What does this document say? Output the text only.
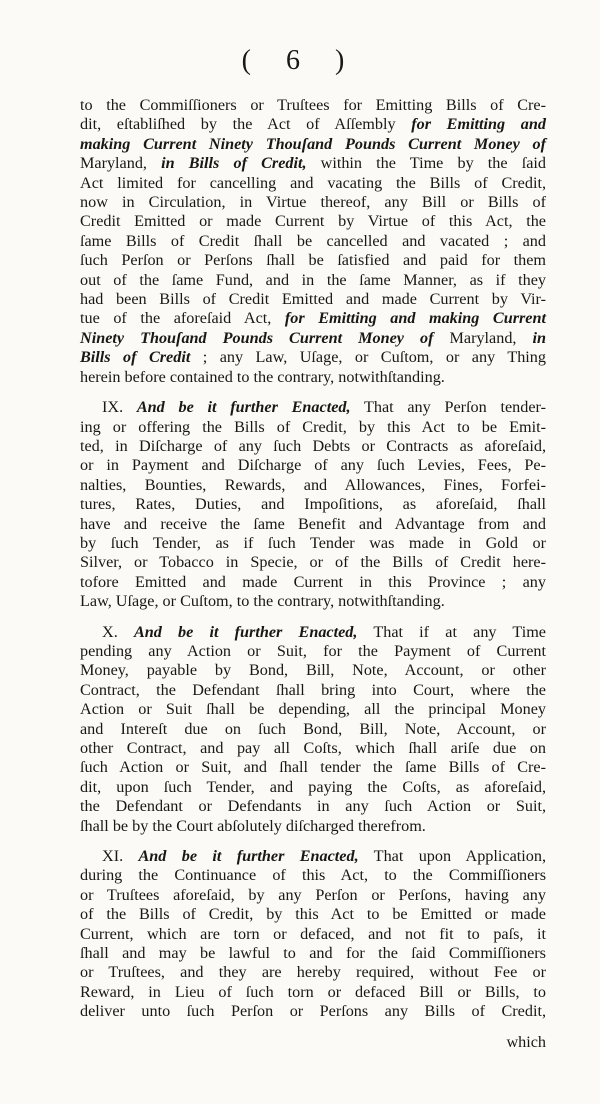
( 6 )

to the Commiſſioners or Truſtees for Emitting Bills of Cre-
dit, eſtabliſhed by the Act of Aſſembly for Emitting and
making Current Ninety Thouſand Pounds Current Money of
Maryland, in Bills of Credit, within the Time by the ſaid
Act limited for cancelling and vacating the Bills of Credit,
now in Circulation, in Virtue thereof, any Bill or Bills of
Credit Emitted or made Current by Virtue of this Act, the
ſame Bills of Credit ſhall be cancelled and vacated ; and
ſuch Perſon or Perſons ſhall be ſatisfied and paid for them
out of the ſame Fund, and in the ſame Manner, as if they
had been Bills of Credit Emitted and made Current by Vir-
tue of the aforeſaid Act, for Emitting and making Current
Ninety Thouſand Pounds Current Money of Maryland, in
Bills of Credit ; any Law, Uſage, or Cuſtom, or any Thing
herein before contained to the contrary, notwithſtanding.

IX. And be it further Enacted, That any Perſon tender-
ing or offering the Bills of Credit, by this Act to be Emit-
ted, in Diſcharge of any ſuch Debts or Contracts as aforeſaid,
or in Payment and Diſcharge of any ſuch Levies, Fees, Pe-
nalties, Bounties, Rewards, and Allowances, Fines, Forfei-
tures, Rates, Duties, and Impoſitions, as aforeſaid, ſhall
have and receive the ſame Benefit and Advantage from and
by ſuch Tender, as if ſuch Tender was made in Gold or
Silver, or Tobacco in Specie, or of the Bills of Credit here-
tofore Emitted and made Current in this Province ; any
Law, Uſage, or Cuſtom, to the contrary, notwithſtanding.

X. And be it further Enacted, That if at any Time
pending any Action or Suit, for the Payment of Current
Money, payable by Bond, Bill, Note, Account, or other
Contract, the Defendant ſhall bring into Court, where the
Action or Suit ſhall be depending, all the principal Money
and Intereſt due on ſuch Bond, Bill, Note, Account, or
other Contract, and pay all Coſts, which ſhall ariſe due on
ſuch Action or Suit, and ſhall tender the ſame Bills of Cre-
dit, upon ſuch Tender, and paying the Coſts, as aforeſaid,
the Defendant or Defendants in any ſuch Action or Suit,
ſhall be by the Court abſolutely diſcharged therefrom.

XI. And be it further Enacted, That upon Application,
during the Continuance of this Act, to the Commiſſioners
or Truſtees aforeſaid, by any Perſon or Perſons, having any
of the Bills of Credit, by this Act to be Emitted or made
Current, which are torn or defaced, and not fit to paſs, it
ſhall and may be lawful to and for the ſaid Commiſſioners
or Truſtees, and they are hereby required, without Fee or
Reward, in Lieu of ſuch torn or defaced Bill or Bills, to
deliver unto ſuch Perſon or Perſons any Bills of Credit,

which
